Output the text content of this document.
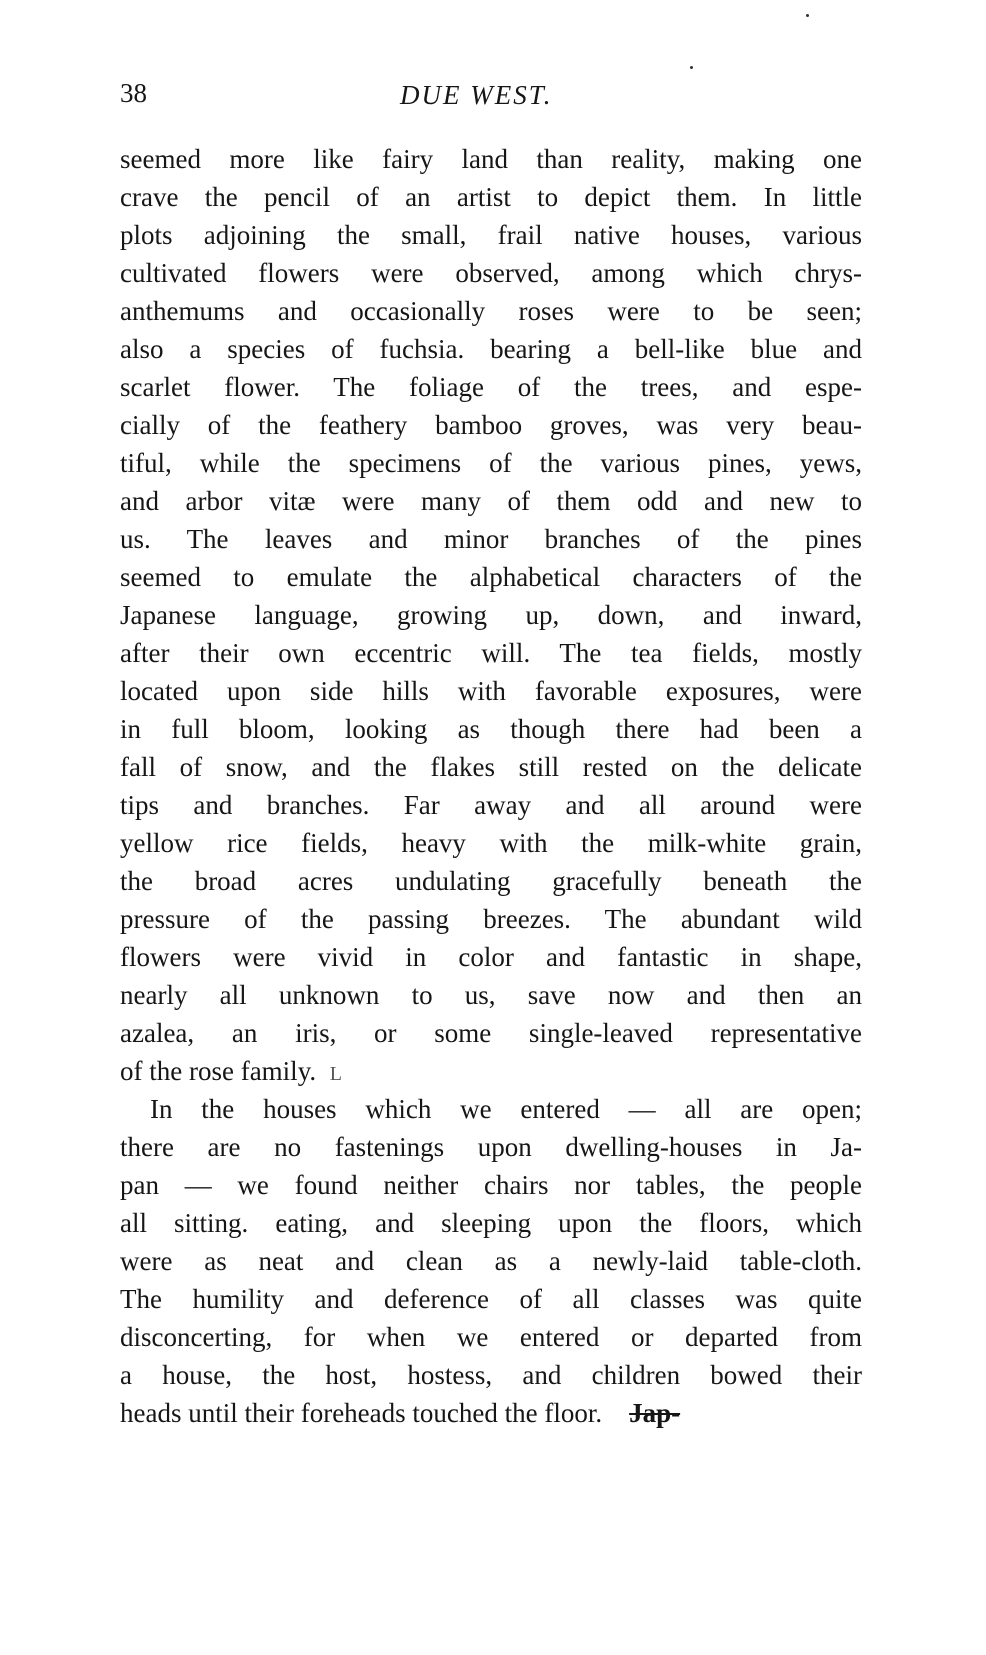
38	DUE WEST.
seemed more like fairy land than reality, making one
crave the pencil of an artist to depict them. In little
plots adjoining the small, frail native houses, various
cultivated flowers were observed, among which chrys-
anthemums and occasionally roses were to be seen;
also a species of fuchsia. bearing a bell-like blue and
scarlet flower. The foliage of the trees, and espe-
cially of the feathery bamboo groves, was very beau-
tiful, while the specimens of the various pines, yews,
and arbor vitæ were many of them odd and new to
us. The leaves and minor branches of the pines
seemed to emulate the alphabetical characters of the
Japanese language, growing up, down, and inward,
after their own eccentric will. The tea fields, mostly
located upon side hills with favorable exposures, were
in full bloom, looking as though there had been a
fall of snow, and the flakes still rested on the delicate
tips and branches. Far away and all around were
yellow rice fields, heavy with the milk-white grain,
the broad acres undulating gracefully beneath the
pressure of the passing breezes. The abundant wild
flowers were vivid in color and fantastic in shape,
nearly all unknown to us, save now and then an
azalea, an iris, or some single-leaved representative
of the rose family. L
In the houses which we entered — all are open;
there are no fastenings upon dwelling-houses in Ja-
pan — we found neither chairs nor tables, the people
all sitting. eating, and sleeping upon the floors, which
were as neat and clean as a newly-laid table-cloth.
The humility and deference of all classes was quite
disconcerting, for when we entered or departed from
a house, the host, hostess, and children bowed their
heads until their foreheads touched the floor. Jap-
